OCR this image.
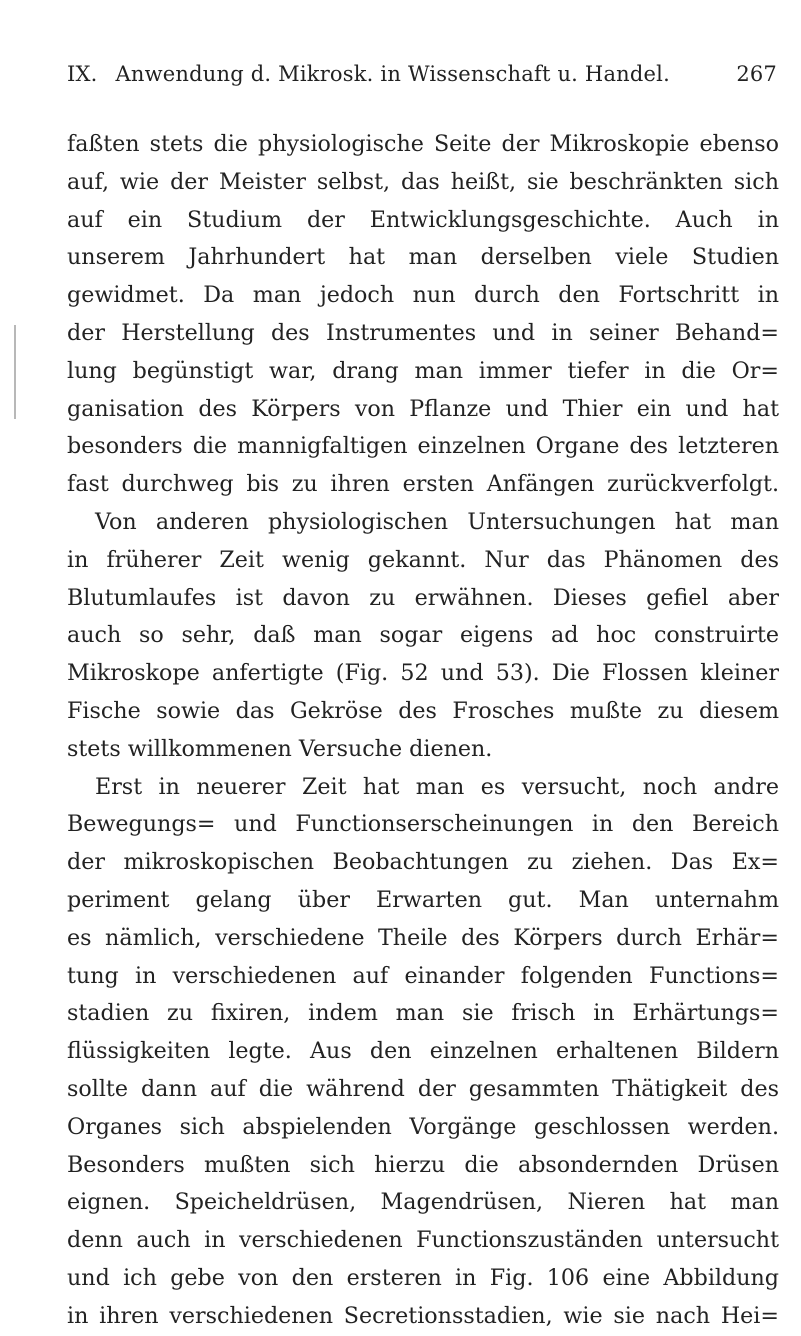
IX. Anwendung d. Mikrosk. in Wissenschaft u. Handel.	267
faßten stets die physiologische Seite der Mikroskopie ebenso
auf, wie der Meister selbst, das heißt, sie beschränkten sich
auf ein Studium der Entwicklungsgeschichte. Auch in
unserem Jahrhundert hat man derselben viele Studien
gewidmet. Da man jedoch nun durch den Fortschritt in
der Herstellung des Instrumentes und in seiner Behand=
lung begünstigt war, drang man immer tiefer in die Or=
ganisation des Körpers von Pflanze und Thier ein und hat
besonders die mannigfaltigen einzelnen Organe des letzteren
fast durchweg bis zu ihren ersten Anfängen zurückverfolgt.
Von anderen physiologischen Untersuchungen hat man
in früherer Zeit wenig gekannt. Nur das Phänomen des
Blutumlaufes ist davon zu erwähnen. Dieses gefiel aber
auch so sehr, daß man sogar eigens ad hoc construirte
Mikroskope anfertigte (Fig. 52 und 53). Die Flossen kleiner
Fische sowie das Gekröse des Frosches mußte zu diesem
stets willkommenen Versuche dienen.
Erst in neuerer Zeit hat man es versucht, noch andre
Bewegungs= und Functionserscheinungen in den Bereich
der mikroskopischen Beobachtungen zu ziehen. Das Ex=
periment gelang über Erwarten gut. Man unternahm
es nämlich, verschiedene Theile des Körpers durch Erhär=
tung in verschiedenen auf einander folgenden Functions=
stadien zu fixiren, indem man sie frisch in Erhärtungs=
flüssigkeiten legte. Aus den einzelnen erhaltenen Bildern
sollte dann auf die während der gesammten Thätigkeit des
Organes sich abspielenden Vorgänge geschlossen werden.
Besonders mußten sich hierzu die absondernden Drüsen
eignen. Speicheldrüsen, Magendrüsen, Nieren hat man
denn auch in verschiedenen Functionszuständen untersucht
und ich gebe von den ersteren in Fig. 106 eine Abbildung
in ihren verschiedenen Secretionsstadien, wie sie nach Hei=
